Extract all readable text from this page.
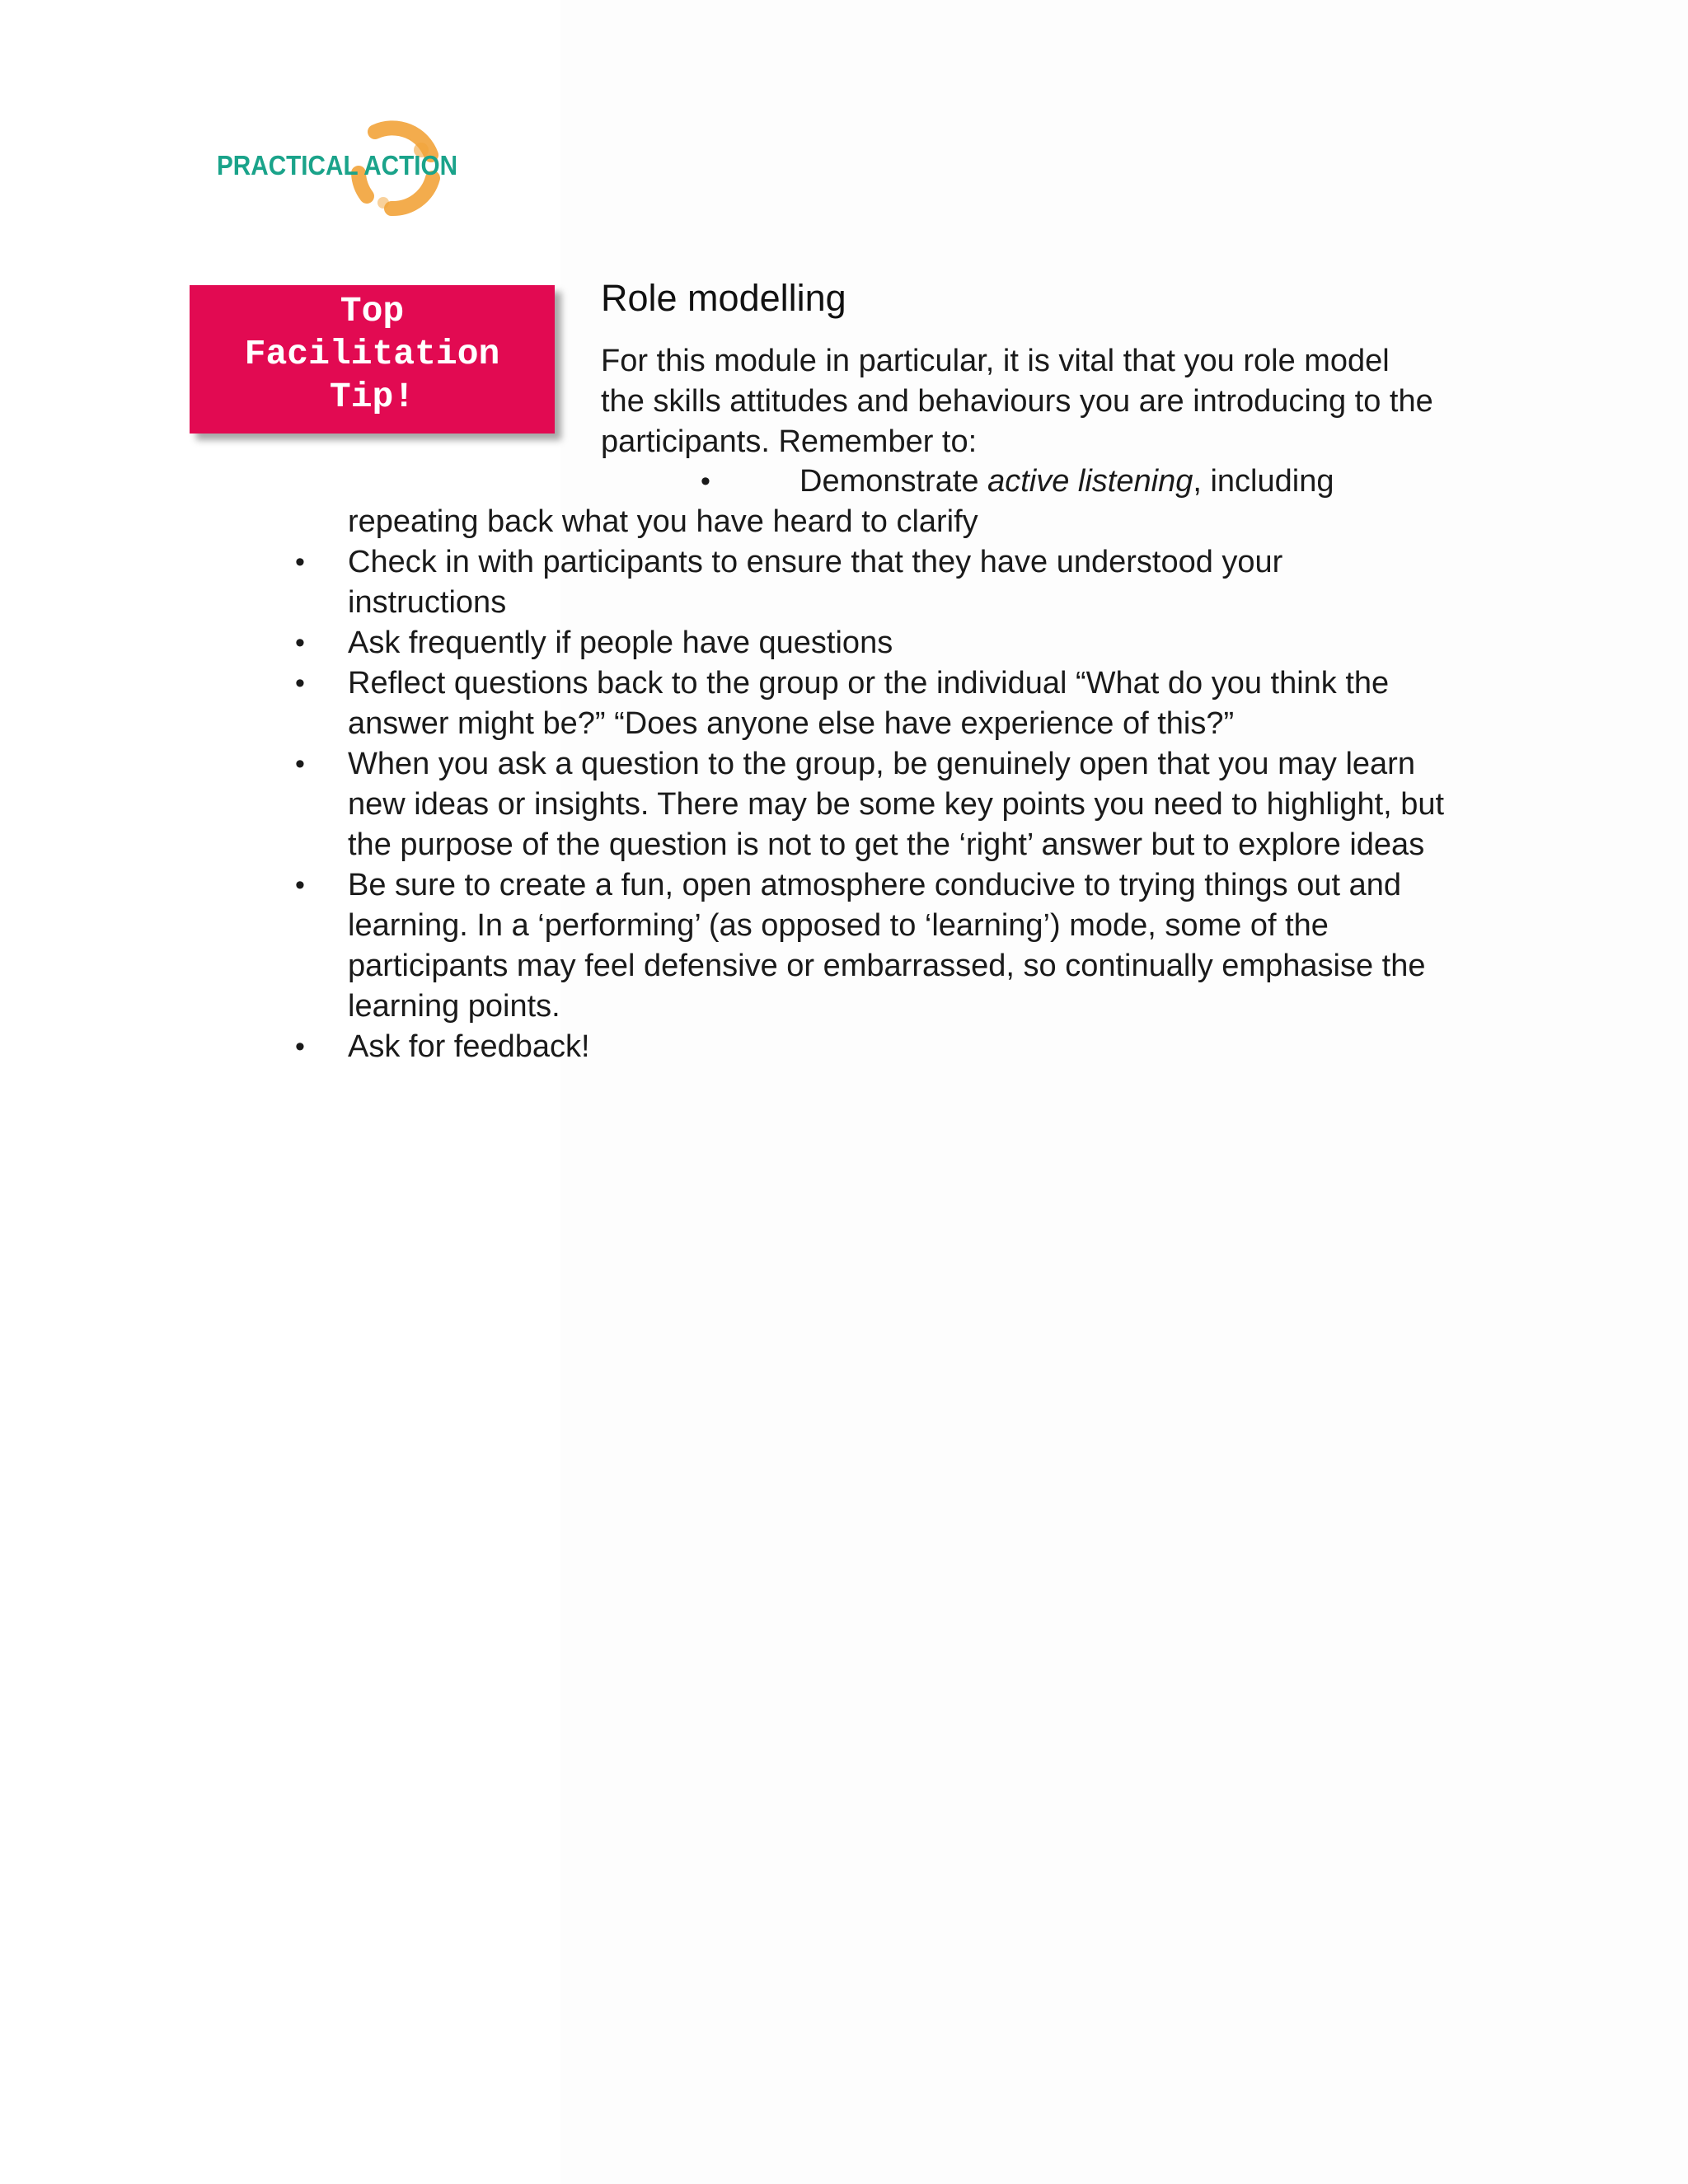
PRACTICAL ACTION
Top
Facilitation
Tip!
Role modelling
For this module in particular, it is vital that you role model
the skills attitudes and behaviours you are introducing to the
participants. Remember to:
•	Demonstrate active listening, including
repeating back what you have heard to clarify
• Check in with participants to ensure that they have understood your
instructions
• Ask frequently if people have questions
• Reflect questions back to the group or the individual “What do you think the
answer might be?” “Does anyone else have experience of this?”
• When you ask a question to the group, be genuinely open that you may learn
new ideas or insights. There may be some key points you need to highlight, but
the purpose of the question is not to get the ‘right’ answer but to explore ideas
• Be sure to create a fun, open atmosphere conducive to trying things out and
learning. In a ‘performing’ (as opposed to ‘learning’) mode, some of the
participants may feel defensive or embarrassed, so continually emphasise the
learning points.
• Ask for feedback!
